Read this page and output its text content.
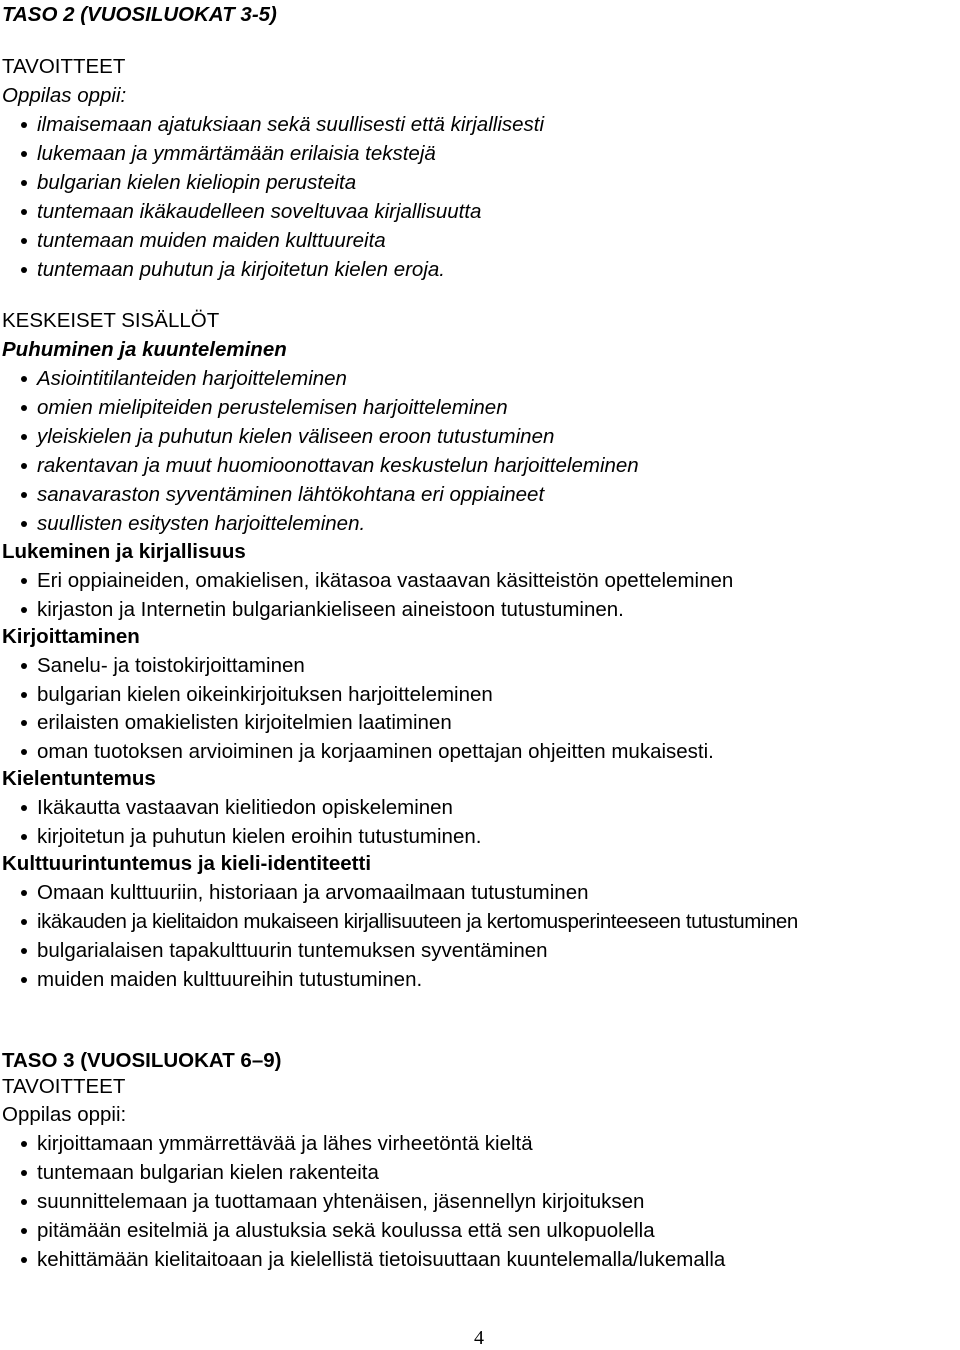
TASO 2 (VUOSILUOKAT 3-5)
TAVOITTEET
Oppilas oppii:
ilmaisemaan ajatuksiaan sekä suullisesti että kirjallisesti
lukemaan ja ymmärtämään erilaisia tekstejä
bulgarian kielen kieliopin perusteita
tuntemaan ikäkaudelleen soveltuvaa kirjallisuutta
tuntemaan muiden maiden kulttuureita
tuntemaan puhutun ja kirjoitetun kielen eroja.
KESKEISET SISÄLLÖT
Puhuminen ja kuunteleminen
Asiointitilanteiden harjoitteleminen
omien mielipiteiden perustelemisen harjoitteleminen
yleiskielen ja puhutun kielen väliseen eroon tutustuminen
rakentavan ja muut huomioonottavan keskustelun harjoitteleminen
sanavaraston syventäminen lähtökohtana eri oppiaineet
suullisten esitysten harjoitteleminen.
Lukeminen ja kirjallisuus
Eri oppiaineiden, omakielisen, ikätasoa vastaavan käsitteistön opetteleminen
kirjaston ja Internetin bulgariankieliseen aineistoon tutustuminen.
Kirjoittaminen
Sanelu- ja toistokirjoittaminen
bulgarian kielen oikeinkirjoituksen harjoitteleminen
erilaisten omakielisten kirjoitelmien laatiminen
oman tuotoksen arvioiminen ja korjaaminen opettajan ohjeitten mukaisesti.
Kielentuntemus
Ikäkautta vastaavan kielitiedon opiskeleminen
kirjoitetun ja puhutun kielen eroihin tutustuminen.
Kulttuurintuntemus ja kieli-identiteetti
Omaan kulttuuriin, historiaan ja arvomaailmaan tutustuminen
ikäkauden ja kielitaidon mukaiseen kirjallisuuteen ja kertomusperinteeseen tutustuminen
bulgarialaisen tapakulttuurin tuntemuksen syventäminen
muiden maiden kulttuureihin tutustuminen.
TASO 3 (VUOSILUOKAT 6–9)
TAVOITTEET
Oppilas oppii:
kirjoittamaan ymmärrettävää ja lähes virheetöntä kieltä
tuntemaan bulgarian kielen rakenteita
suunnittelemaan ja tuottamaan yhtenäisen, jäsennellyn kirjoituksen
pitämään esitelmiä ja alustuksia sekä koulussa että sen ulkopuolella
kehittämään kielitaitoaan ja kielellistä tietoisuuttaan kuuntelemalla/lukemalla
4
